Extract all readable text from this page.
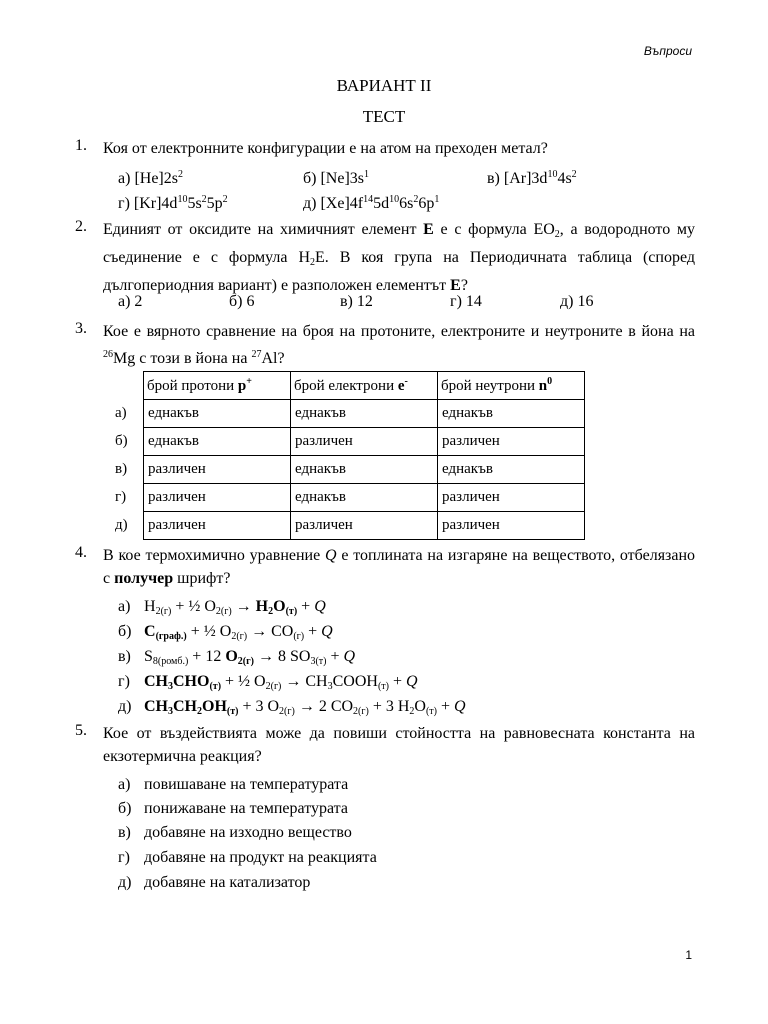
Въпроси
ВАРИАНТ II
ТЕСТ
1. Коя от електронните конфигурации е на атом на преходен метал?
а) $[He]2s^2$	б) $[Ne]3s^1$	в) $[Ar]3d^{10}4s^2$
г) $[Kr]4d^{10}5s^25p^2$	д) $[Xe]4f^{14}5d^{10}6s^26p^1$
2. Единият от оксидите на химичният елемент Е е с формула $ЕО_2$, а водородното му съединение е с формула $Н_2Е$. В коя група на Периодичната таблица (според дългопериодния вариант) е разположен елементът Е?
а) 2	б) 6	в) 12	г) 14	д) 16
3. Кое е вярното сравнение на броя на протоните, електроните и неутроните в йона на $^{26}$Mg с този в йона на $^{27}$Al?
	брой протони p+	брой електрони e-	брой неутрони $n^0$
а)	еднакъв	еднакъв	еднакъв
б)	еднакъв	различен	различен
в)	различен	еднакъв	еднакъв
г)	различен	еднакъв	различен
д)	различен	различен	различен
4. В кое термохимично уравнение Q е топлината на изгаряне на веществото, отбелязано с получер шрифт?
а) $H_{2(г)}$ + ½ $O_{2(г)} \to H_2O_{(т)} + Q$
б) $C_{(граф.)}$ + ½ $O_{2(г)} \to CO_{(г)} + Q$
в) $S_{8(ромб.)} + 12$ $O_{2(г)} \to 8$ $SO_{3(т)} + Q$
г) $CH_3CHO_{(т)}$ + ½ $O_{2(г)}$ → $CH_3COOH_{(т)} + Q$
д) $CH_3CH_2OH_{(т)} + 3$ $O_{2(г)} \to 2$ $CO_{2(г)} + 3$ $H_2O_{(т)} + Q$
5. Кое от въздействията може да повиши стойността на равновесната константа на екзотермична реакция?
а) повишаване на температурата
б) понижаване на температурата
в) добавяне на изходно вещество
г) добавяне на продукт на реакцията
д) добавяне на катализатор
1
